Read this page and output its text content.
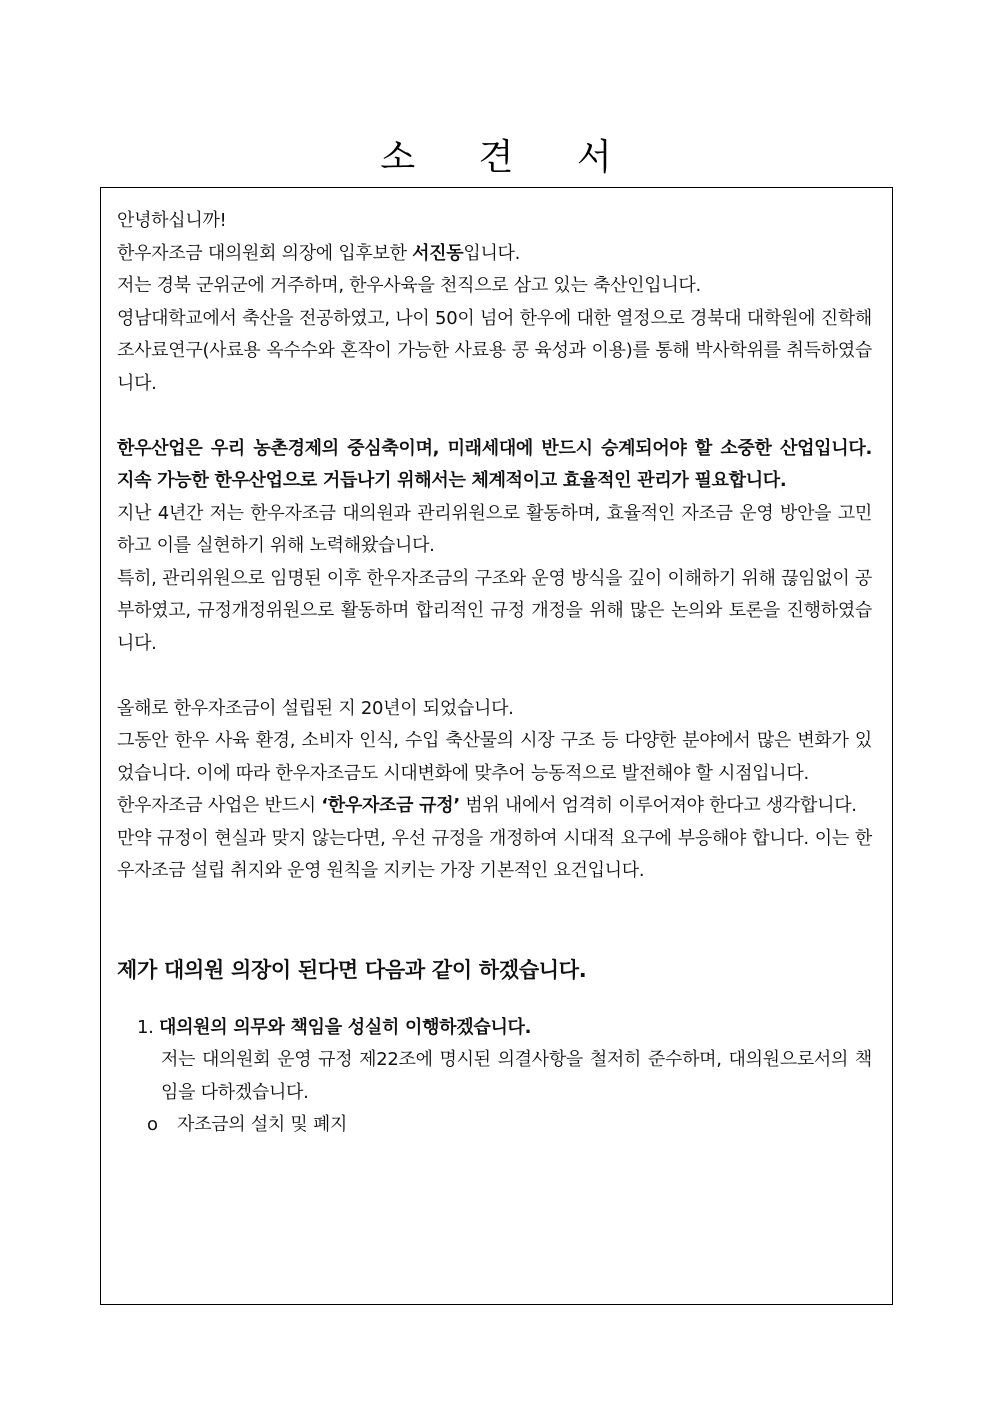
소 견 서

안녕하십니까!

한우자조금 대의원회 의장에 입후보한 서진동입니다.

저는 경북 군위군에 거주하며, 한우사육을 천직으로 삼고 있는 축산인입니다.

영남대학교에서 축산을 전공하였고, 나이 50이 넘어 한우에 대한 열정으로 경북대 대학원에 진학해 조사료연구(사료용 옥수수와 혼작이 가능한 사료용 콩 육성과 이용)를 통해 박사학위를 취득하였습니다.

한우산업은 우리 농촌경제의 중심축이며, 미래세대에 반드시 승계되어야 할 소중한 산업입니다. 지속 가능한 한우산업으로 거듭나기 위해서는 체계적이고 효율적인 관리가 필요합니다.

지난 4년간 저는 한우자조금 대의원과 관리위원으로 활동하며, 효율적인 자조금 운영 방안을 고민하고 이를 실현하기 위해 노력해왔습니다.

특히, 관리위원으로 임명된 이후 한우자조금의 구조와 운영 방식을 깊이 이해하기 위해 끊임없이 공부하였고, 규정개정위원으로 활동하며 합리적인 규정 개정을 위해 많은 논의와 토론을 진행하였습니다.

올해로 한우자조금이 설립된 지 20년이 되었습니다.

그동안 한우 사육 환경, 소비자 인식, 수입 축산물의 시장 구조 등 다양한 분야에서 많은 변화가 있었습니다. 이에 따라 한우자조금도 시대변화에 맞추어 능동적으로 발전해야 할 시점입니다.

한우자조금 사업은 반드시 ‘한우자조금 규정’ 범위 내에서 엄격히 이루어져야 한다고 생각합니다.

만약 규정이 현실과 맞지 않는다면, 우선 규정을 개정하여 시대적 요구에 부응해야 합니다. 이는 한우자조금 설립 취지와 운영 원칙을 지키는 가장 기본적인 요건입니다.

제가 대의원 의장이 된다면 다음과 같이 하겠습니다.

1. 대의원의 의무와 책임을 성실히 이행하겠습니다.

저는 대의원회 운영 규정 제22조에 명시된 의결사항을 철저히 준수하며, 대의원으로서의 책임을 다하겠습니다.

o 자조금의 설치 및 폐지
